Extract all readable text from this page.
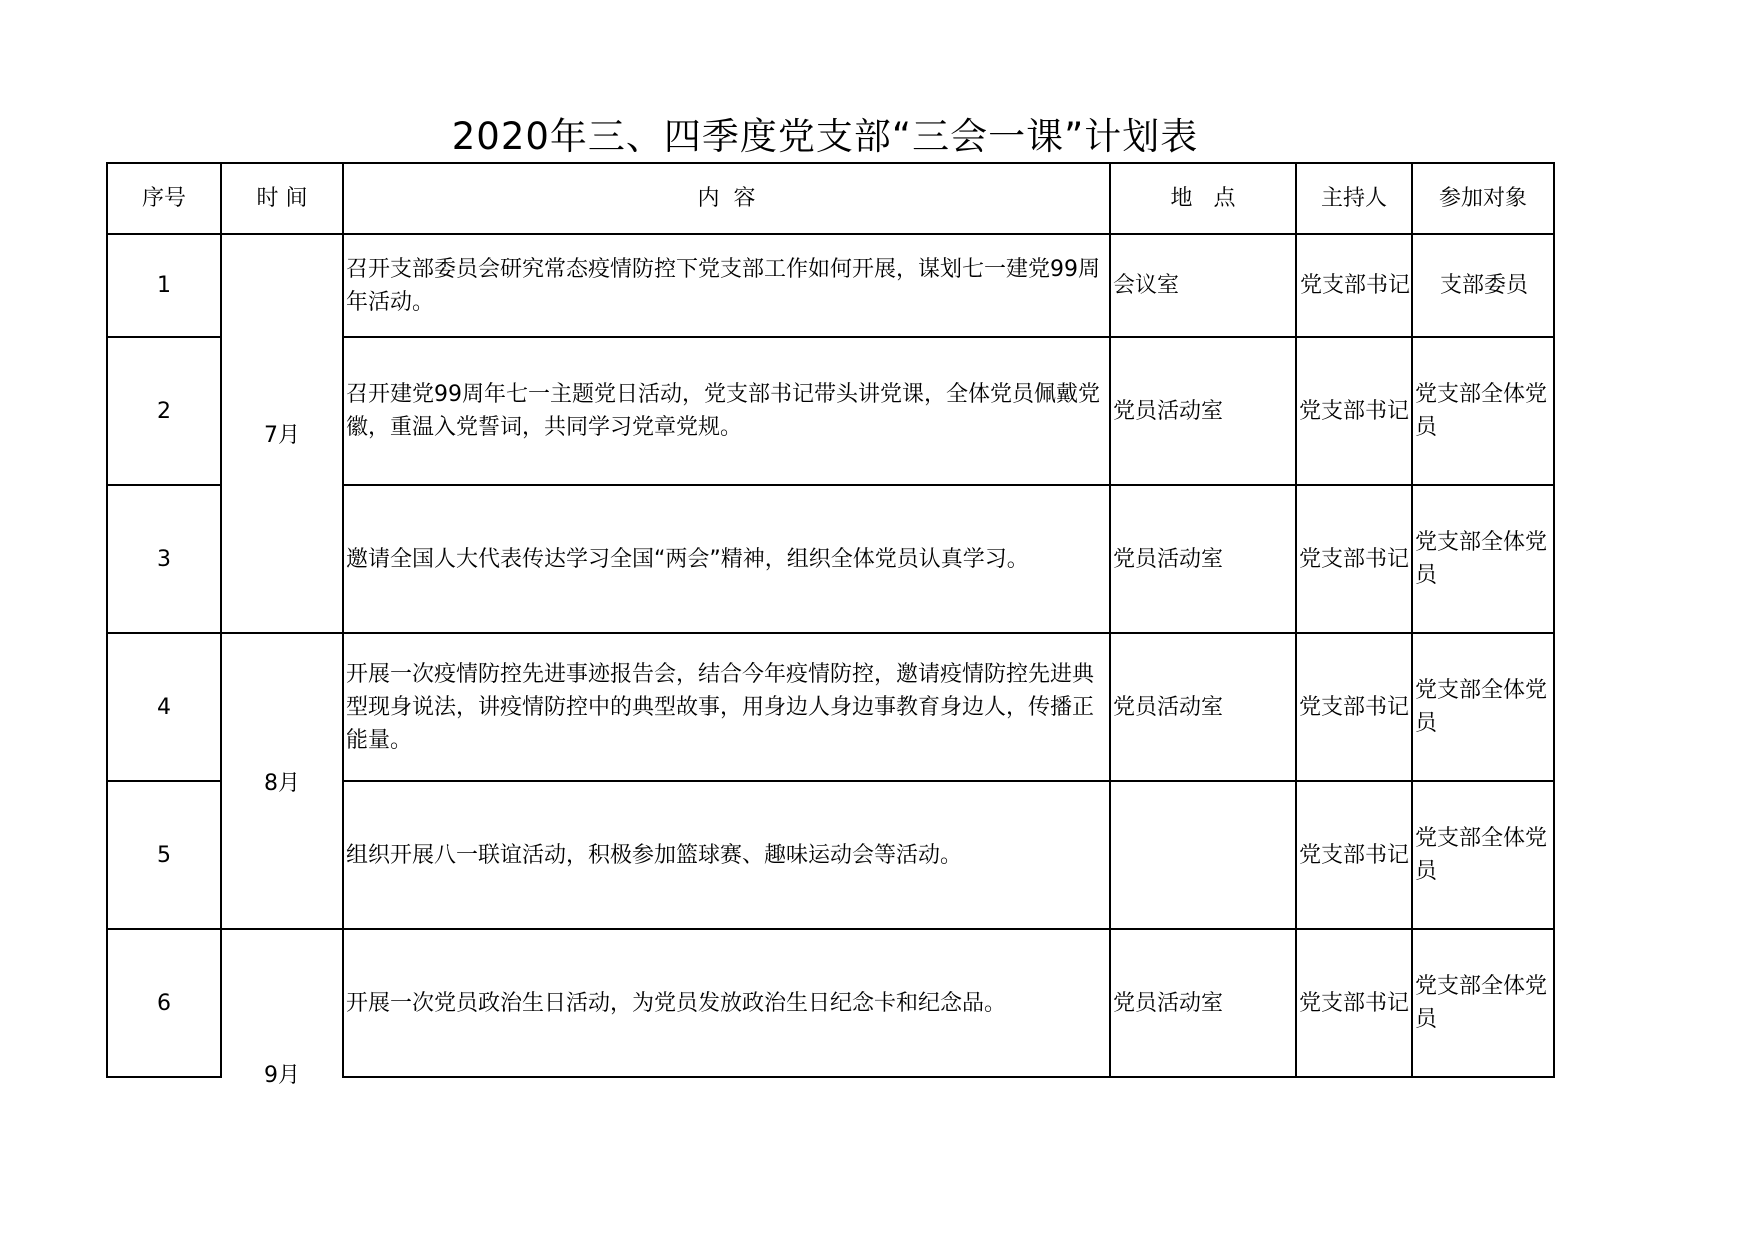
2020年三、四季度党支部“三会一课”计划表
序号	时 间	内  容	地   点	主持人	参加对象
1	7月	召开支部委员会研究常态疫情防控下党支部工作如何开展，谋划七一建党99周年活动。	会议室	党支部书记	支部委员
2		召开建党99周年七一主题党日活动，党支部书记带头讲党课，全体党员佩戴党徽，重温入党誓词，共同学习党章党规。	党员活动室	党支部书记	党支部全体党员
3		邀请全国人大代表传达学习全国“两会”精神，组织全体党员认真学习。	党员活动室	党支部书记	党支部全体党员
4	8月	开展一次疫情防控先进事迹报告会，结合今年疫情防控，邀请疫情防控先进典型现身说法，讲疫情防控中的典型故事，用身边人身边事教育身边人，传播正能量。	党员活动室	党支部书记	党支部全体党员
5		组织开展八一联谊活动，积极参加篮球赛、趣味运动会等活动。		党支部书记	党支部全体党员
6	9月	开展一次党员政治生日活动，为党员发放政治生日纪念卡和纪念品。	党员活动室	党支部书记	党支部全体党员
